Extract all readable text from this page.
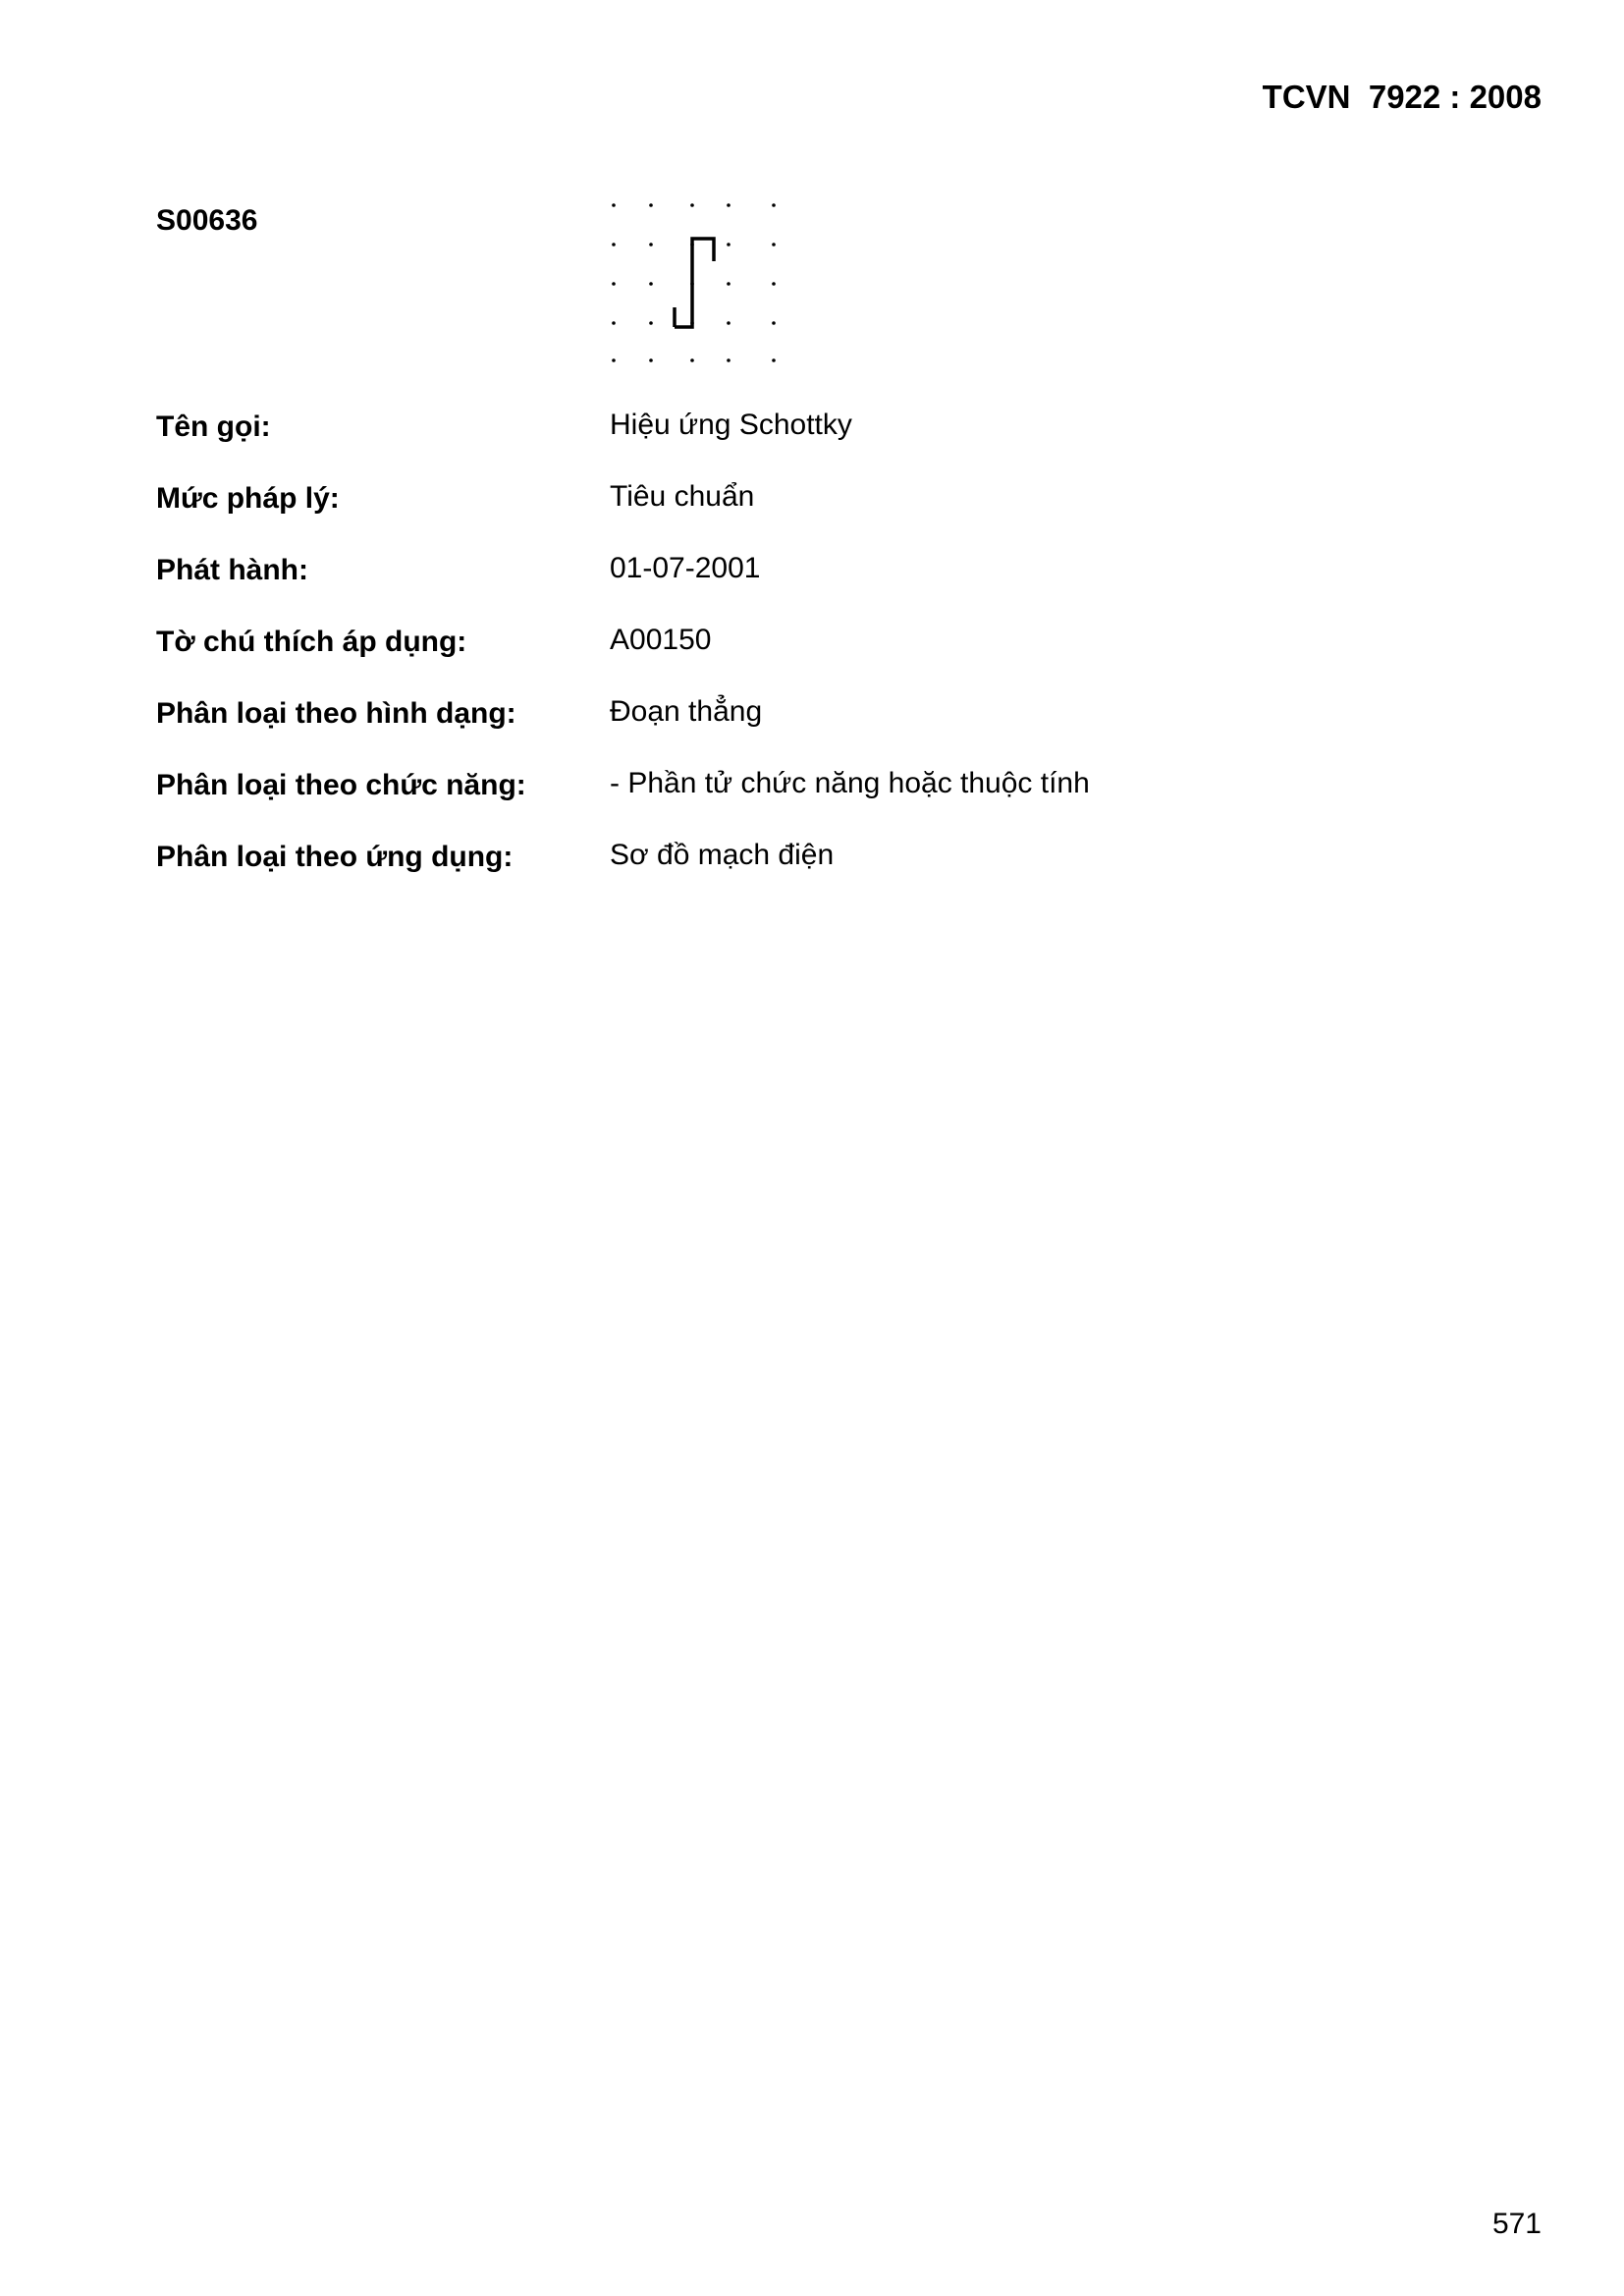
TCVN  7922 : 2008
S00636
Tên gọi:	Hiệu ứng Schottky
Mức pháp lý:	Tiêu chuẩn
Phát hành:	01-07-2001
Tờ chú thích áp dụng:	A00150
Phân loại theo hình dạng:	Đoạn thẳng
Phân loại theo chức năng:	- Phần tử chức năng hoặc thuộc tính
Phân loại theo ứng dụng:	Sơ đồ mạch điện
571
